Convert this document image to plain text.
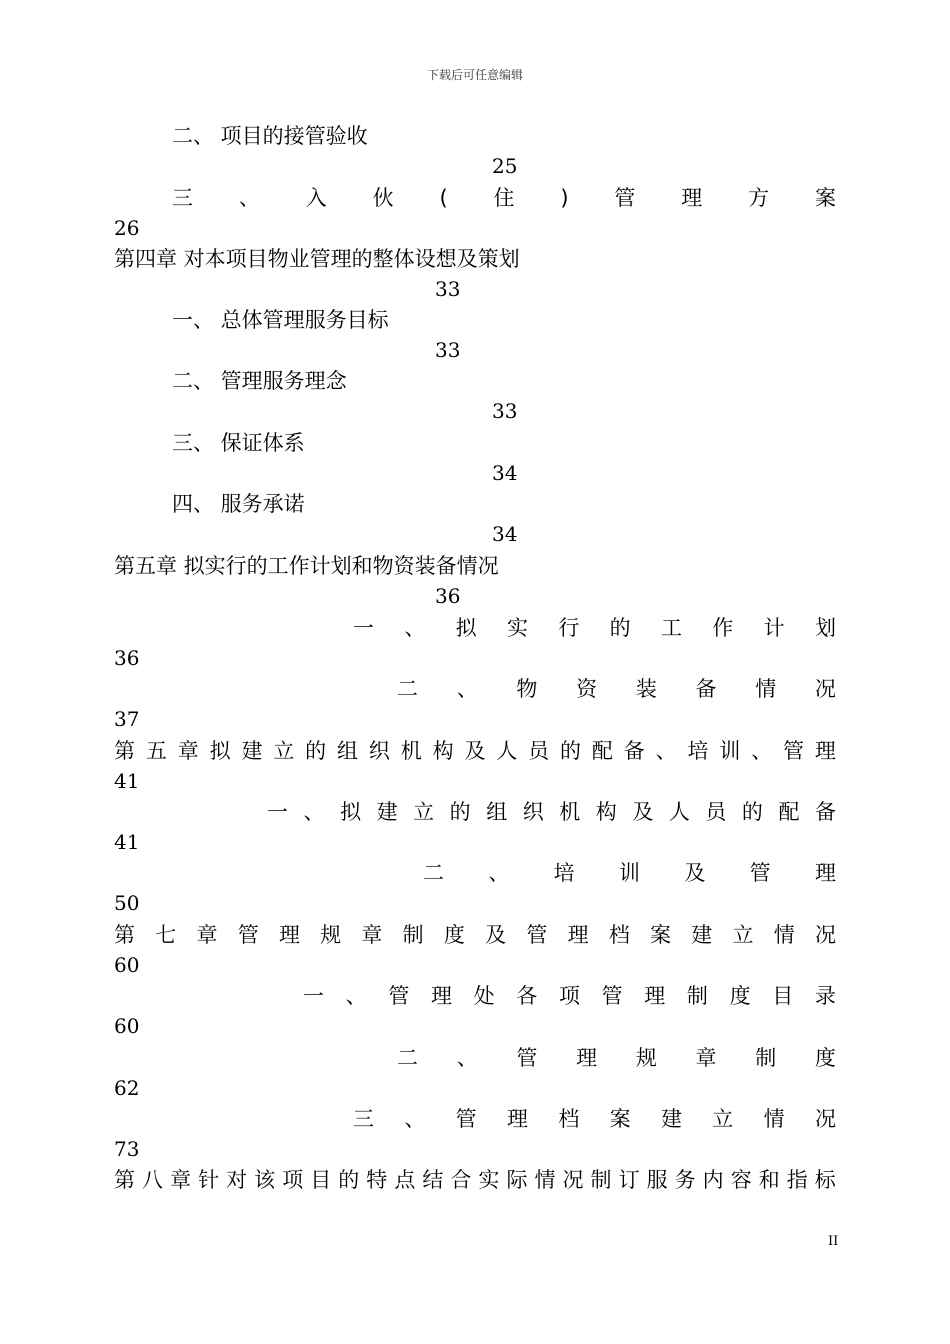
下载后可任意编辑
二、 项目的接管验收
25
三 、 入 伙 ( 住 ) 管 理 方 案
26
第四章 对本项目物业管理的整体设想及策划
33
一、 总体管理服务目标
33
二、 管理服务理念
33
三、 保证体系
34
四、 服务承诺
34
第五章 拟实行的工作计划和物资装备情况
36
一 、 拟 实 行 的 工 作 计 划
36
二 、 物 资 装 备 情 况
37
第 五 章 拟 建 立 的 组 织 机 构 及 人 员 的 配 备 、 培 训 、 管 理
41
一 、 拟 建 立 的 组 织 机 构 及 人 员 的 配 备
41
二 、 培 训 及 管 理
50
第 七 章 管 理 规 章 制 度 及 管 理 档 案 建 立 情 况
60
一 、 管 理 处 各 项 管 理 制 度 目 录
60
二 、 管 理 规 章 制 度
62
三 、 管 理 档 案 建 立 情 况
73
第 八 章 针 对 该 项 目 的 特 点 结 合 实 际 情 况 制 订 服 务 内 容 和 指 标
II
